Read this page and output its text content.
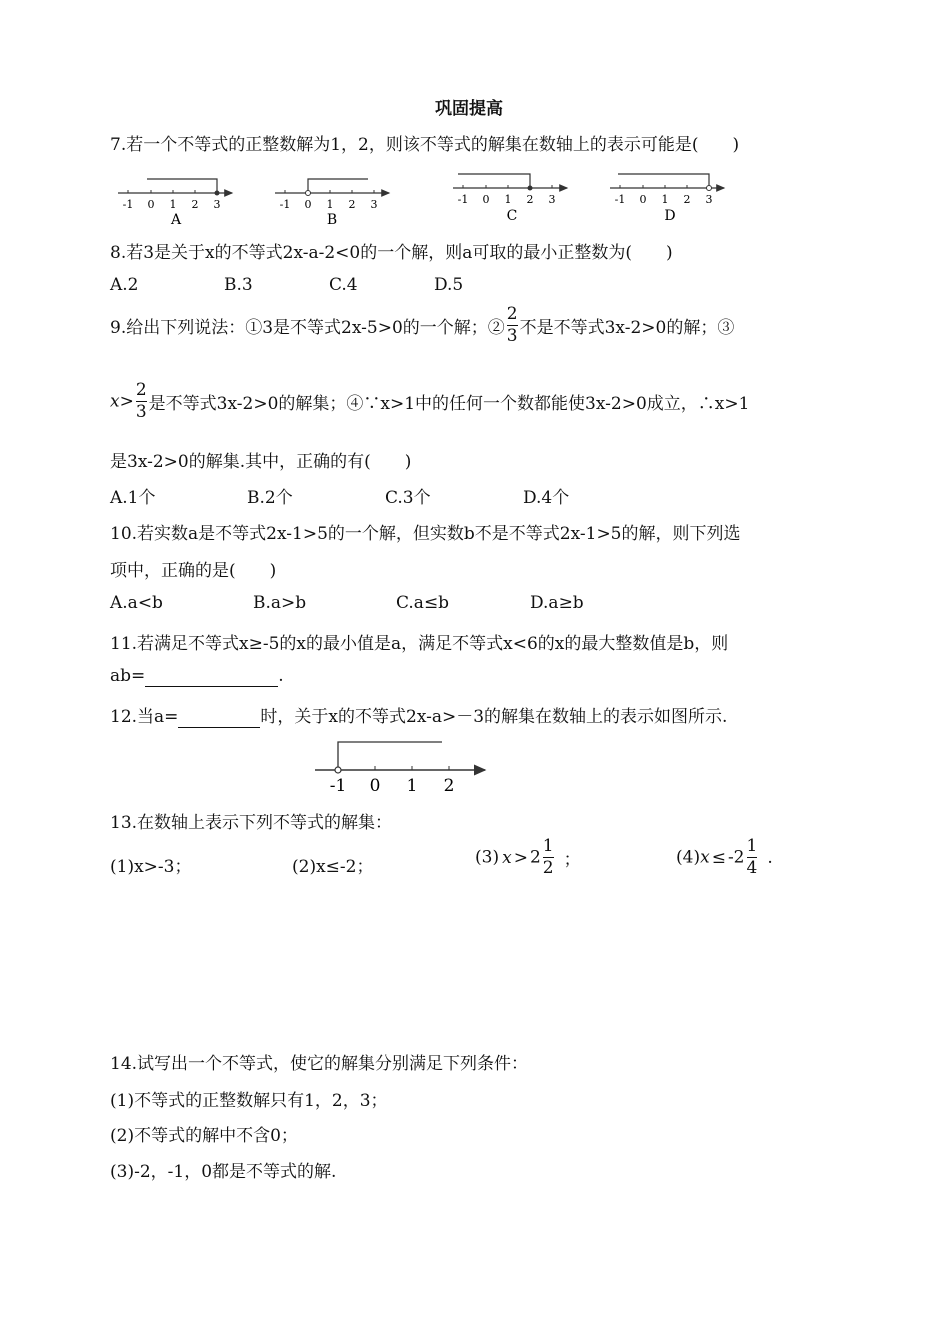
巩固提高
7.若一个不等式的正整数解为1，2，则该不等式的解集在数轴上的表示可能是(　　)
-1 0 1 2 3
A
-1 0 1 2 3
B
-1 0 1 2 3
C
-1 0 1 2 3
D
8.若3是关于x的不等式2x-a-2<0的一个解，则a可取的最小正整数为(　　)
A.2	B.3	C.4	D.5
9.给出下列说法：①3是不等式2x-5>0的一个解；② $\frac{2}{3}$ 不是不等式3x-2>0的解；③
$x> \frac{2}{3}$ 是不等式3x-2>0的解集；④∵x>1中的任何一个数都能使3x-2>0成立，∴x>1
是3x-2>0的解集.其中，正确的有(　　)
A.1个	B.2个	C.3个	D.4个
10.若实数a是不等式2x-1>5的一个解，但实数b不是不等式2x-1>5的解，则下列选
项中，正确的是(　　)
A.a<b	B.a>b	C.a≤b	D.a≥b
11.若满足不等式x≥-5的x的最小值是a，满足不等式x<6的x的最大整数值是b，则
ab=	.
12.当a=	时，关于x的不等式2x-a>－3的解集在数轴上的表示如图所示.
-1 0 1 2
13.在数轴上表示下列不等式的解集：
(1)x>-3；	(2)x≤-2；	(3) $x > 2 \frac{1}{2}$ ；	$(4)x \le -2 \frac{1}{4}$ .
14.试写出一个不等式，使它的解集分别满足下列条件：
(1)不等式的正整数解只有1，2，3；
(2)不等式的解中不含0；
(3)-2，-1，0都是不等式的解.
